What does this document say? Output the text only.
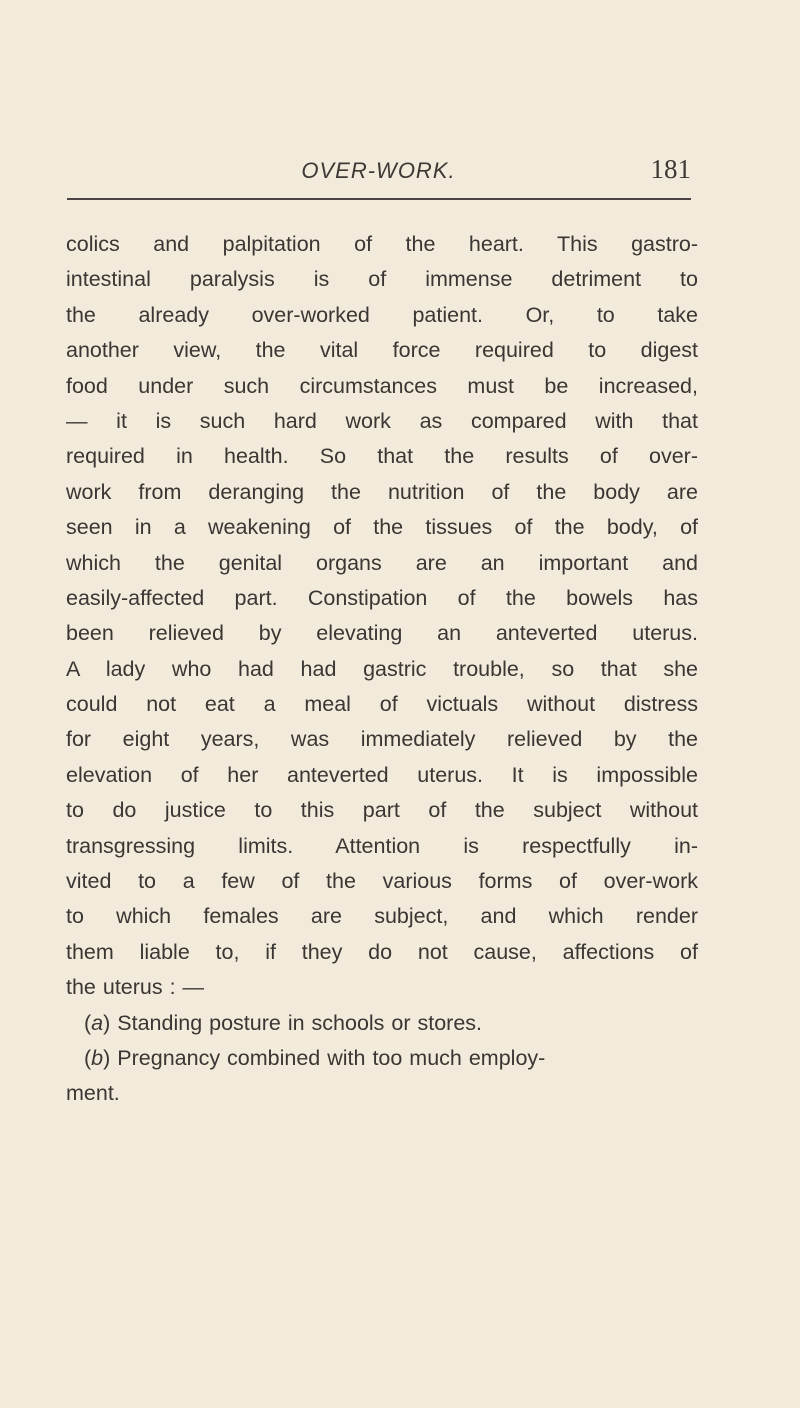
OVER-WORK.	181
colics and palpitation of the heart. This gastro-
intestinal paralysis is of immense detriment to
the already over-worked patient. Or, to take
another view, the vital force required to digest
food under such circumstances must be increased,
— it is such hard work as compared with that
required in health. So that the results of over-
work from deranging the nutrition of the body are
seen in a weakening of the tissues of the body, of
which the genital organs are an important and
easily-affected part. Constipation of the bowels has
been relieved by elevating an anteverted uterus.
A lady who had had gastric trouble, so that she
could not eat a meal of victuals without distress
for eight years, was immediately relieved by the
elevation of her anteverted uterus. It is impossible
to do justice to this part of the subject without
transgressing limits. Attention is respectfully in-
vited to a few of the various forms of over-work
to which females are subject, and which render
them liable to, if they do not cause, affections of
the uterus : —
(a) Standing posture in schools or stores.
(b) Pregnancy combined with too much employ-
ment.
